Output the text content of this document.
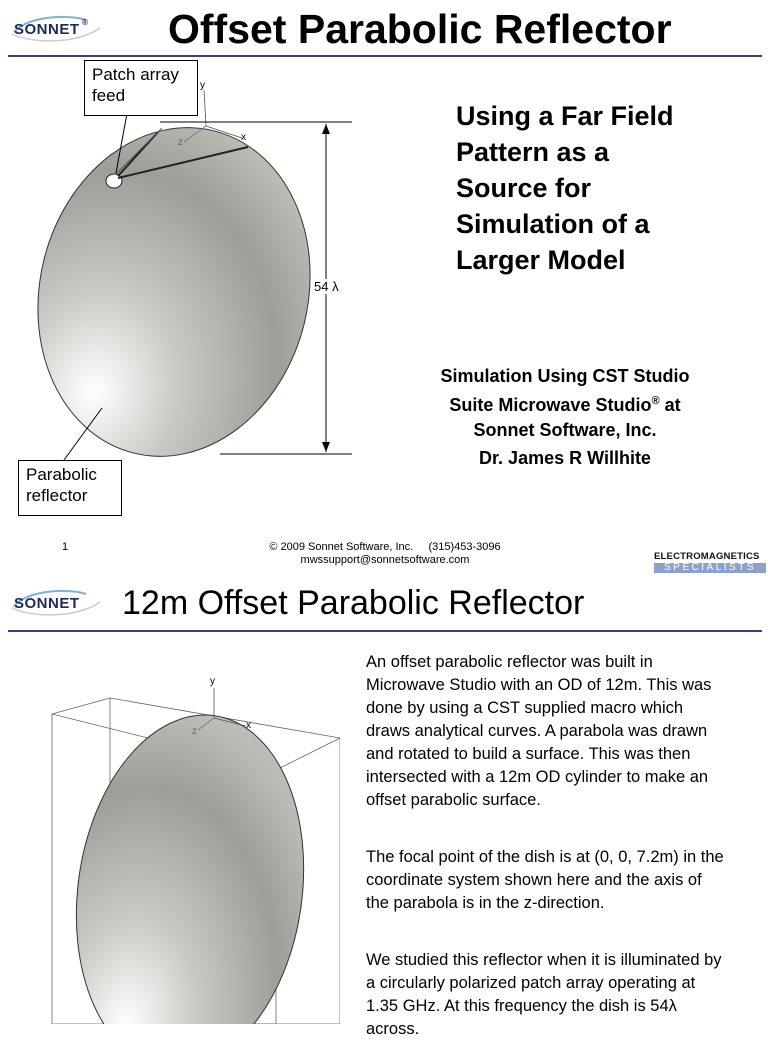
SONNET ® Offset Parabolic Reflector
y
z	x
54 λ
Patch array
feed
Parabolic
reflector
Using a Far Field
Pattern as a
Source for
Simulation of a
Larger Model
Simulation Using CST Studio
Suite Microwave Studio® at
Sonnet Software, Inc.
Dr. James R Willhite
1	© 2009 Sonnet Software, Inc.     (315)453-3096
mwssupport@sonnetsoftware.com	ELECTROMAGNETICS
SPECIALISTS
SONNET 12m Offset Parabolic Reflector
y
z
x
An offset parabolic reflector was built in Microwave Studio with an OD of 12m. This was done by using a CST supplied macro which draws analytical curves. A parabola was drawn and rotated to build a surface. This was then intersected with a 12m OD cylinder to make an offset parabolic surface.
The focal point of the dish is at (0, 0, 7.2m) in the coordinate system shown here and the axis of the parabola is in the z-direction.
We studied this reflector when it is illuminated by a circularly polarized patch array operating at 1.35 GHz. At this frequency the dish is 54λ across.
